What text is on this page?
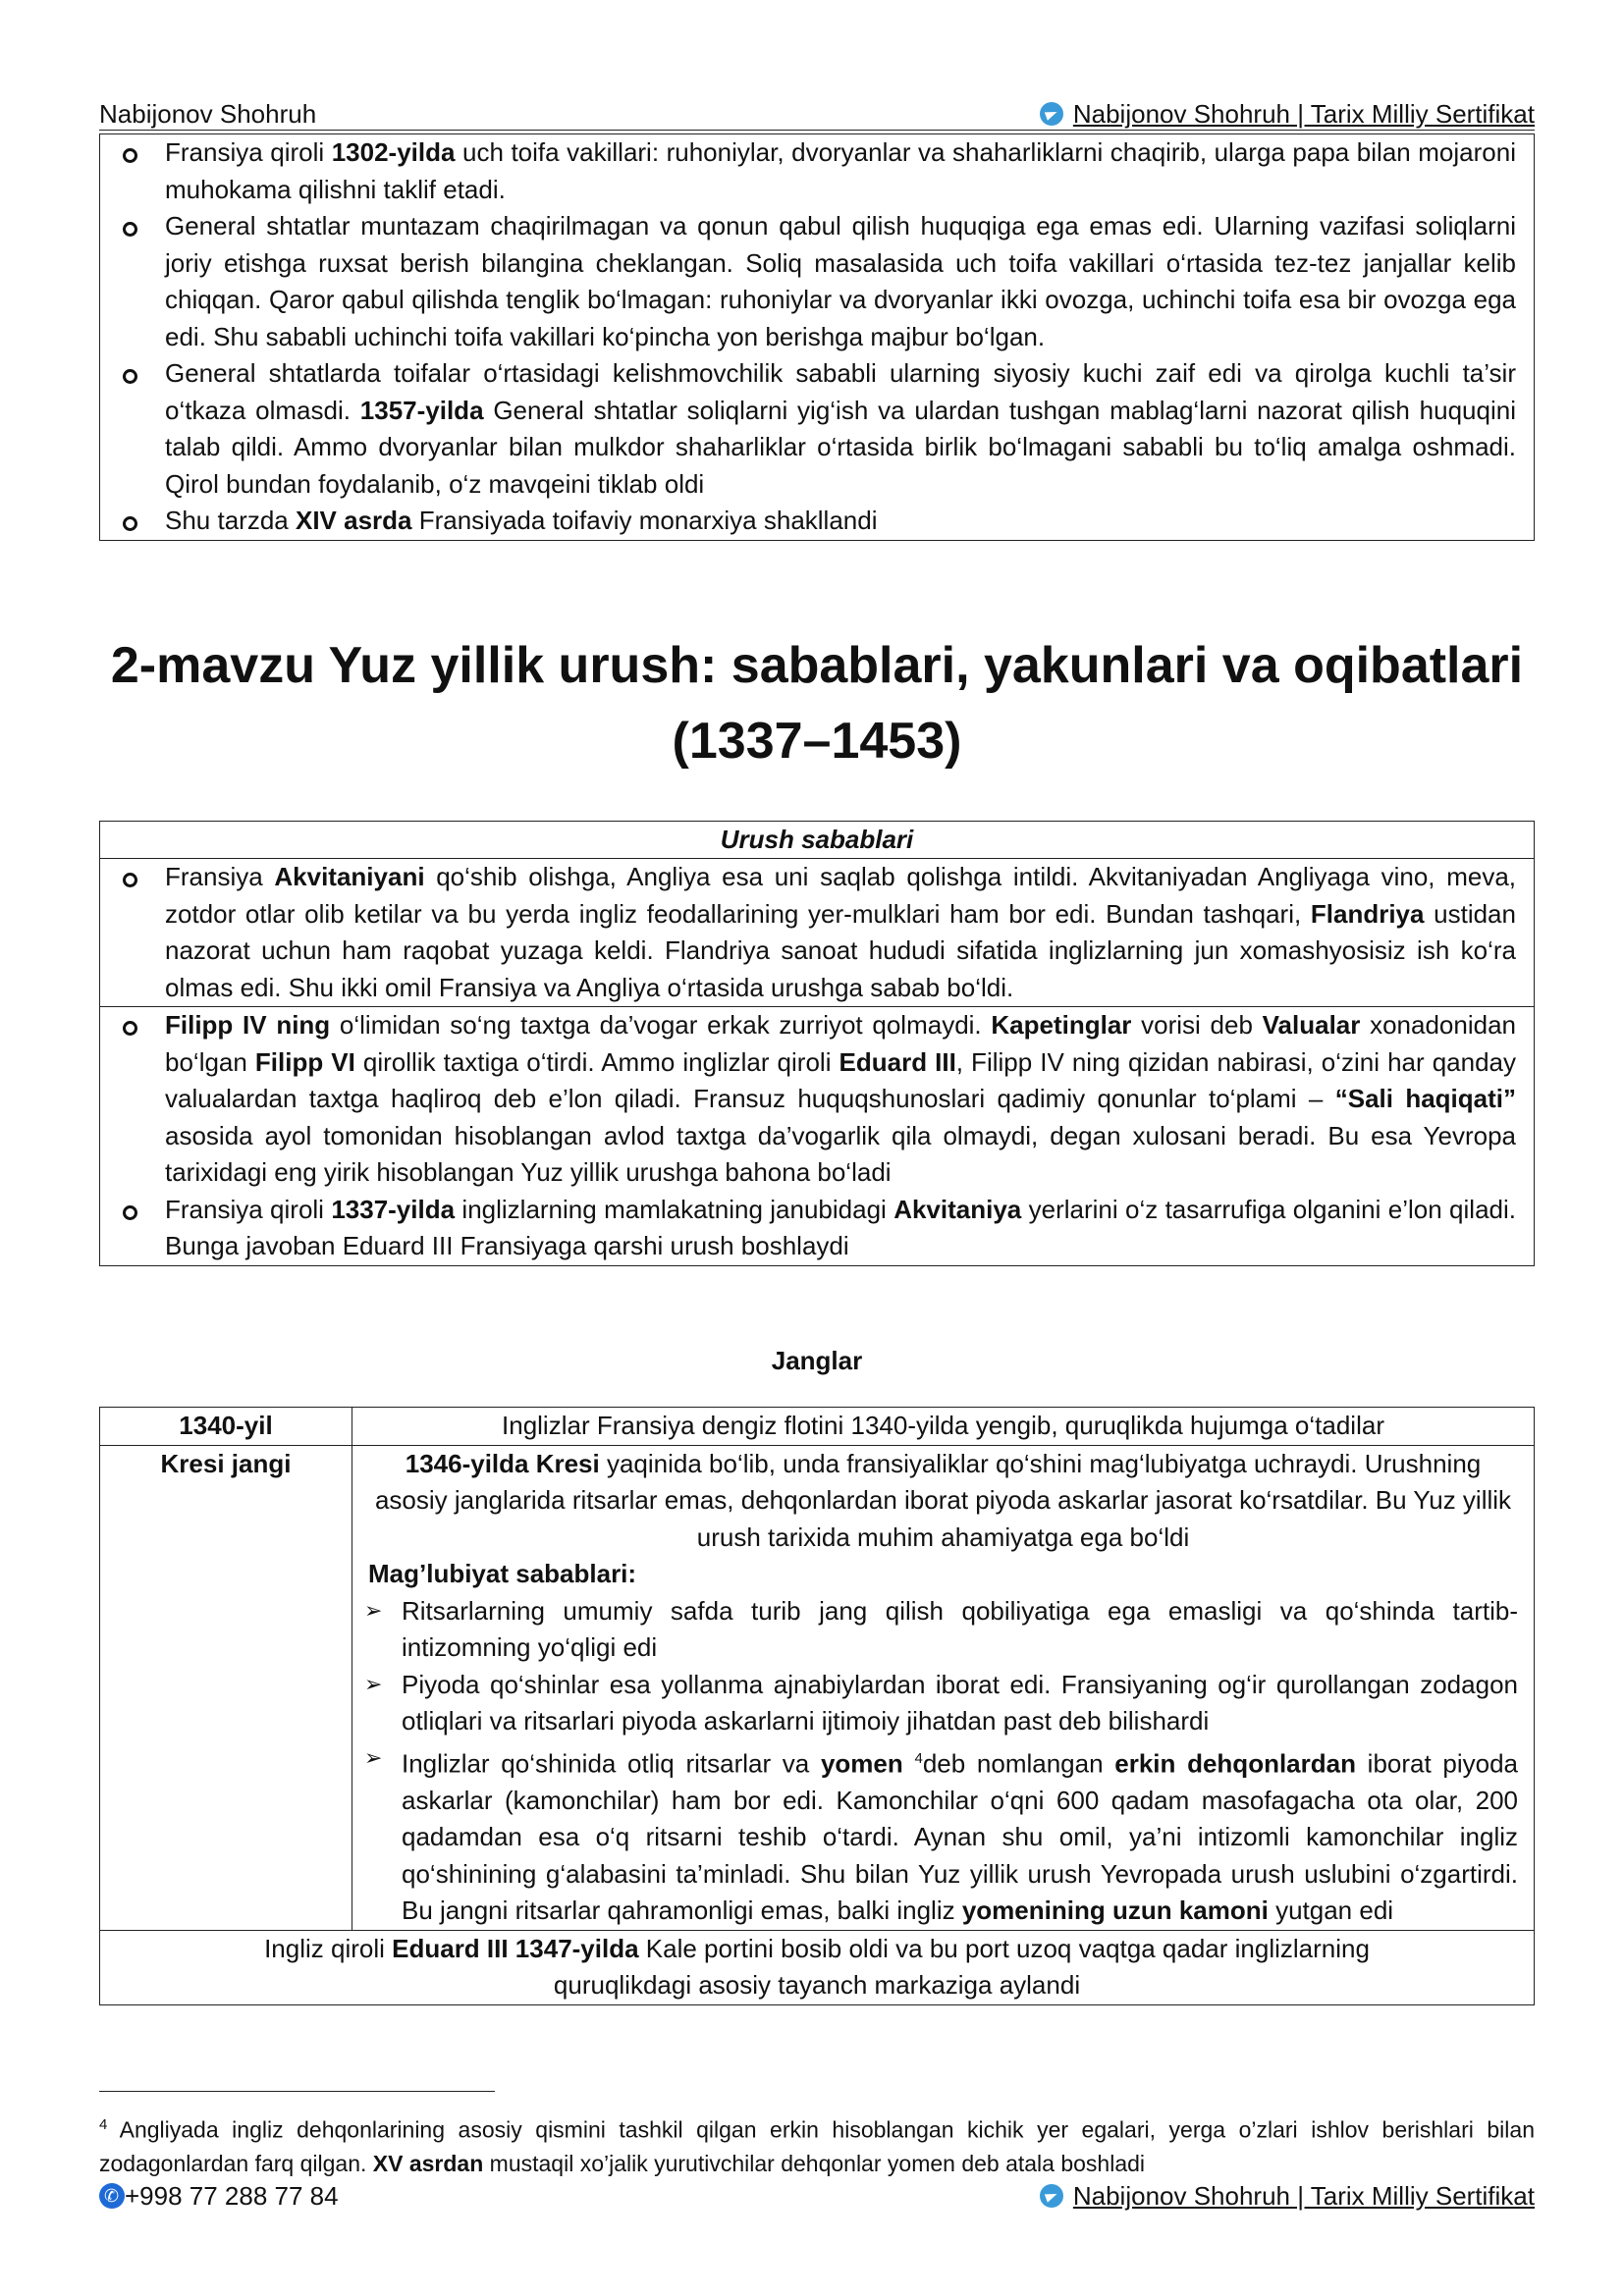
Nabijonov Shohruh	Nabijonov Shohruh | Tarix Milliy Sertifikat
Fransiya qiroli 1302-yilda uch toifa vakillari: ruhoniylar, dvoryanlar va shaharliklarni chaqirib, ularga papa bilan mojaroni muhokama qilishni taklif etadi.
General shtatlar muntazam chaqirilmagan va qonun qabul qilish huquqiga ega emas edi. Ularning vazifasi soliqlarni joriy etishga ruxsat berish bilangina cheklangan. Soliq masalasida uch toifa vakillari o‘rtasida tez-tez janjallar kelib chiqqan. Qaror qabul qilishda tenglik bo‘lmagan: ruhoniylar va dvoryanlar ikki ovozga, uchinchi toifa esa bir ovozga ega edi. Shu sababli uchinchi toifa vakillari ko‘pincha yon berishga majbur bo‘lgan.
General shtatlarda toifalar o‘rtasidagi kelishmovchilik sababli ularning siyosiy kuchi zaif edi va qirolga kuchli ta’sir o‘tkaza olmasdi. 1357-yilda General shtatlar soliqlarni yig‘ish va ulardan tushgan mablag‘larni nazorat qilish huquqini talab qildi. Ammo dvoryanlar bilan mulkdor shaharliklar o‘rtasida birlik bo‘lmagani sababli bu to‘liq amalga oshmadi. Qirol bundan foydalanib, o‘z mavqeini tiklab oldi
Shu tarzda XIV asrda Fransiyada toifaviy monarxiya shakllandi
2-mavzu Yuz yillik urush: sabablari, yakunlari va oqibatlari
(1337–1453)
Urush sabablari
Fransiya Akvitaniyani qo‘shib olishga, Angliya esa uni saqlab qolishga intildi. Akvitaniyadan Angliyaga vino, meva, zotdor otlar olib ketilar va bu yerda ingliz feodallarining yer-mulklari ham bor edi. Bundan tashqari, Flandriya ustidan nazorat uchun ham raqobat yuzaga keldi. Flandriya sanoat hududi sifatida inglizlarning jun xomashyosisiz ish ko‘ra olmas edi. Shu ikki omil Fransiya va Angliya o‘rtasida urushga sabab bo‘ldi.
Filipp IV ning o‘limidan so‘ng taxtga da’vogar erkak zurriyot qolmaydi. Kapetinglar vorisi deb Valualar xonadonidan bo‘lgan Filipp VI qirollik taxtiga o‘tirdi. Ammo inglizlar qiroli Eduard III, Filipp IV ning qizidan nabirasi, o‘zini har qanday valualardan taxtga haqliroq deb e’lon qiladi. Fransuz huquqshunoslari qadimiy qonunlar to‘plami – “Sali haqiqati” asosida ayol tomonidan hisoblangan avlod taxtga da’vogarlik qila olmaydi, degan xulosani beradi. Bu esa Yevropa tarixidagi eng yirik hisoblangan Yuz yillik urushga bahona bo‘ladi
Fransiya qiroli 1337-yilda inglizlarning mamlakatning janubidagi Akvitaniya yerlarini o‘z tasarrufiga olganini e’lon qiladi. Bunga javoban Eduard III Fransiyaga qarshi urush boshlaydi
Janglar
1340-yil	Inglizlar Fransiya dengiz flotini 1340-yilda yengib, quruqlikda hujumga o‘tadilar
Kresi jangi	1346-yilda Kresi yaqinida bo‘lib, unda fransiyaliklar qo‘shini mag‘lubiyatga uchraydi. Urushning asosiy janglarida ritsarlar emas, dehqonlardan iborat piyoda askarlar jasorat ko‘rsatdilar. Bu Yuz yillik urush tarixida muhim ahamiyatga ega bo‘ldi
Mag’lubiyat sabablari:
➢ Ritsarlarning umumiy safda turib jang qilish qobiliyatiga ega emasligi va qo‘shinda tartib-intizomning yo‘qligi edi
➢ Piyoda qo‘shinlar esa yollanma ajnabiylardan iborat edi. Fransiyaning og‘ir qurollangan zodagon otliqlari va ritsarlari piyoda askarlarni ijtimoiy jihatdan past deb bilishardi
➢ Inglizlar qo‘shinida otliq ritsarlar va yomen $^4$deb nomlangan erkin dehqonlardan iborat piyoda askarlar (kamonchilar) ham bor edi. Kamonchilar o‘qni 600 qadam masofagacha ota olar, 200 qadamdan esa o‘q ritsarni teshib o‘tardi. Aynan shu omil, ya’ni intizomli kamonchilar ingliz qo‘shinining g‘alabasini ta’minladi. Shu bilan Yuz yillik urush Yevropada urush uslubini o‘zgartirdi. Bu jangni ritsarlar qahramonligi emas, balki ingliz yomenining uzun kamoni yutgan edi

Ingliz qiroli Eduard III 1347-yilda Kale portini bosib oldi va bu port uzoq vaqtga qadar inglizlarning quruqlikdagi asosiy tayanch markaziga aylandi	
$^4$ Angliyada ingliz dehqonlarining asosiy qismini tashkil qilgan erkin hisoblangan kichik yer egalari, yerga o’zlari ishlov berishlari bilan zodagonlardan farq qilgan. XV asrdan mustaqil xo’jalik yurutivchilar dehqonlar yomen deb atala boshladi
✆+998 77 288 77 84	Nabijonov Shohruh | Tarix Milliy Sertifikat
